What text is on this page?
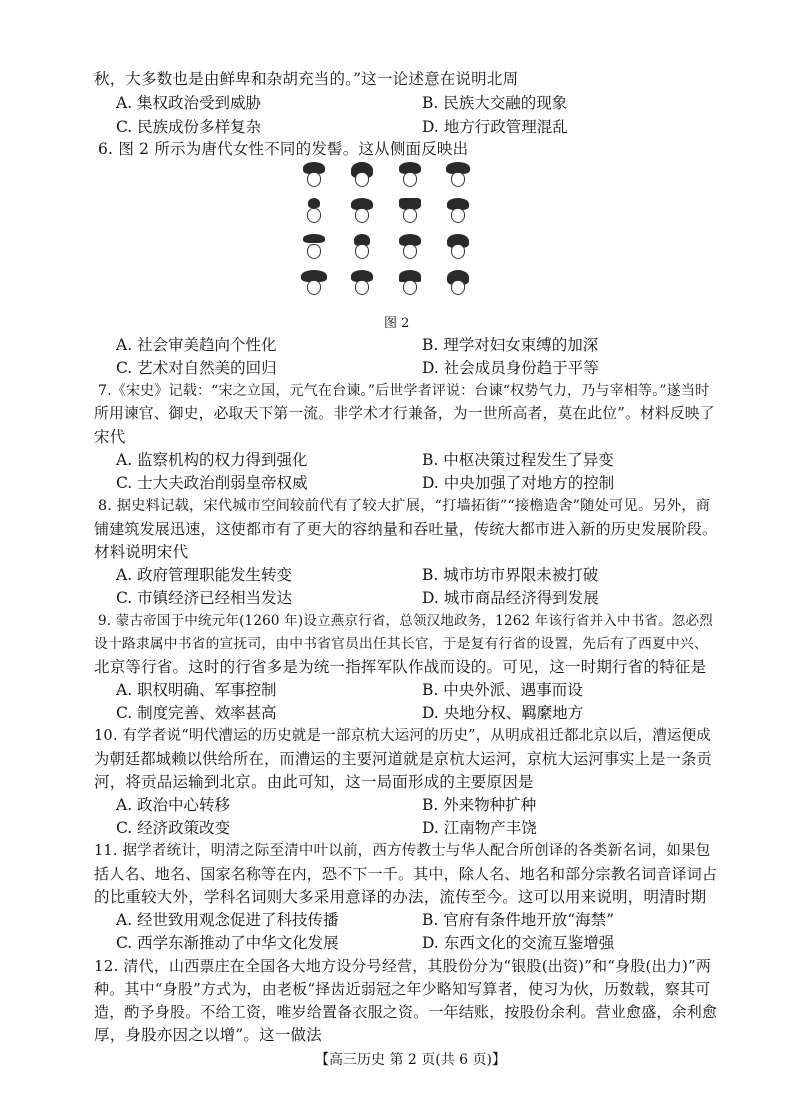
秋，大多数也是由鲜卑和杂胡充当的。”这一论述意在说明北周
A. 集权政治受到威胁	B. 民族大交融的现象
C. 民族成份多样复杂	D. 地方行政管理混乱
6. 图 2 所示为唐代女性不同的发髻。这从侧面反映出
图 2
A. 社会审美趋向个性化	B. 理学对妇女束缚的加深
C. 艺术对自然美的回归	D. 社会成员身份趋于平等
7.《宋史》记载：“宋之立国，元气在台谏。”后世学者评说：台谏“权势气力，乃与宰相等。”遂当时
所用谏官、御史，必取天下第一流。非学术才行兼备，为一世所高者，莫在此位”。材料反映了
宋代
A. 监察机构的权力得到强化	B. 中枢决策过程发生了异变
C. 士大夫政治削弱皇帝权威	D. 中央加强了对地方的控制
8. 据史料记载，宋代城市空间较前代有了较大扩展，“打墙拓街”“接檐造舍”随处可见。另外，商
铺建筑发展迅速，这使都市有了更大的容纳量和吞吐量，传统大都市进入新的历史发展阶段。
材料说明宋代
A. 政府管理职能发生转变	B. 城市坊市界限未被打破
C. 市镇经济已经相当发达	D. 城市商品经济得到发展
9. 蒙古帝国于中统元年(1260 年)设立燕京行省，总领汉地政务，1262 年该行省并入中书省。忽必烈
设十路隶属中书省的宣抚司，由中书省官员出任其长官，于是复有行省的设置，先后有了西夏中兴、
北京等行省。这时的行省多是为统一指挥军队作战而设的。可见，这一时期行省的特征是
A. 职权明确、军事控制	B. 中央外派、遇事而设
C. 制度完善、效率甚高	D. 央地分权、羁縻地方
10. 有学者说“明代漕运的历史就是一部京杭大运河的历史”，从明成祖迁都北京以后，漕运便成
为朝廷都城赖以供给所在，而漕运的主要河道就是京杭大运河，京杭大运河事实上是一条贡
河，将贡品运输到北京。由此可知，这一局面形成的主要原因是
A. 政治中心转移	B. 外来物种扩种
C. 经济政策改变	D. 江南物产丰饶
11. 据学者统计，明清之际至清中叶以前，西方传教士与华人配合所创译的各类新名词，如果包
括人名、地名、国家名称等在内，恐不下一千。其中，除人名、地名和部分宗教名词音译词占
的比重较大外，学科名词则大多采用意译的办法，流传至今。这可以用来说明，明清时期
A. 经世致用观念促进了科技传播	B. 官府有条件地开放“海禁”
C. 西学东渐推动了中华文化发展	D. 东西文化的交流互鉴增强
12. 清代，山西票庄在全国各大地方设分号经营，其股份分为“银股(出资)”和“身股(出力)”两
种。其中“身股”方式为，由老板“择齿近弱冠之年少略知写算者，使习为伙，历数载，察其可
造，酌予身股。不给工资，唯岁给置备衣服之资。一年结账，按股份余利。营业愈盛，余利愈
厚，身股亦因之以增”。这一做法
【高三历史 第 2 页(共 6 页)】
